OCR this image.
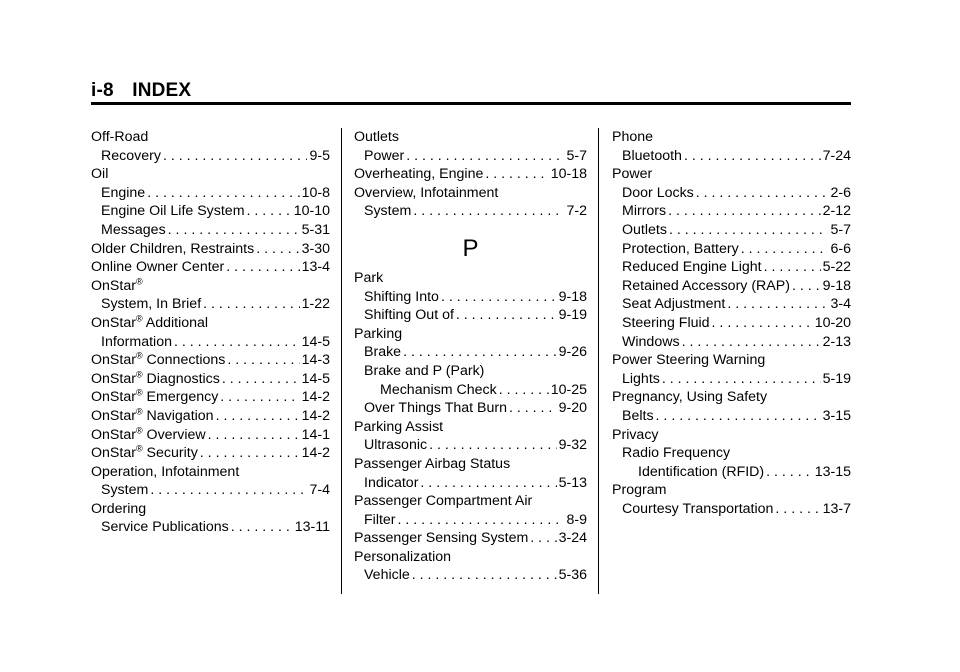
i-8 INDEX
Off-Road
Recovery . . .	9-5
Oil
Engine . . .	10-8
Engine Oil Life System . . .	10-10
Messages . . .	5-31
Older Children, Restraints . . .	3-30
Online Owner Center . . .	13-4
OnStar®
System, In Brief . . .	1-22
OnStar® Additional
Information . . .	14-5
OnStar® Connections . . .	14-3
OnStar® Diagnostics . . .	14-5
OnStar® Emergency . . .	14-2
OnStar® Navigation . . .	14-2
OnStar® Overview . . .	14-1
OnStar® Security . . .	14-2
Operation, Infotainment
System . . .	7-4
Ordering
Service Publications . . .	13-11
Outlets
Power . . .	5-7
Overheating, Engine . . .	10-18
Overview, Infotainment
System . . .	7-2
P
Park
Shifting Into . . .	9-18
Shifting Out of . . .	9-19
Parking
Brake . . .	9-26
Brake and P (Park)
Mechanism Check . . .	10-25
Over Things That Burn . . .	9-20
Parking Assist
Ultrasonic . . .	9-32
Passenger Airbag Status
Indicator . . .	5-13
Passenger Compartment Air
Filter . . .	8-9
Passenger Sensing System . . . 3-24
Personalization
Vehicle . . .	5-36
Phone
Bluetooth . . .	7-24
Power
Door Locks . . .	2-6
Mirrors . . .	2-12
Outlets . . .	5-7
Protection, Battery . . .	6-6
Reduced Engine Light . . .	5-22
Retained Accessory (RAP) . . . 9-18
Seat Adjustment . . .	3-4
Steering Fluid . . .	10-20
Windows . . .	2-13
Power Steering Warning
Lights . . .	5-19
Pregnancy, Using Safety
Belts . . .	3-15
Privacy
Radio Frequency
Identification (RFID) . . .	13-15
Program
Courtesy Transportation . . .	13-7
